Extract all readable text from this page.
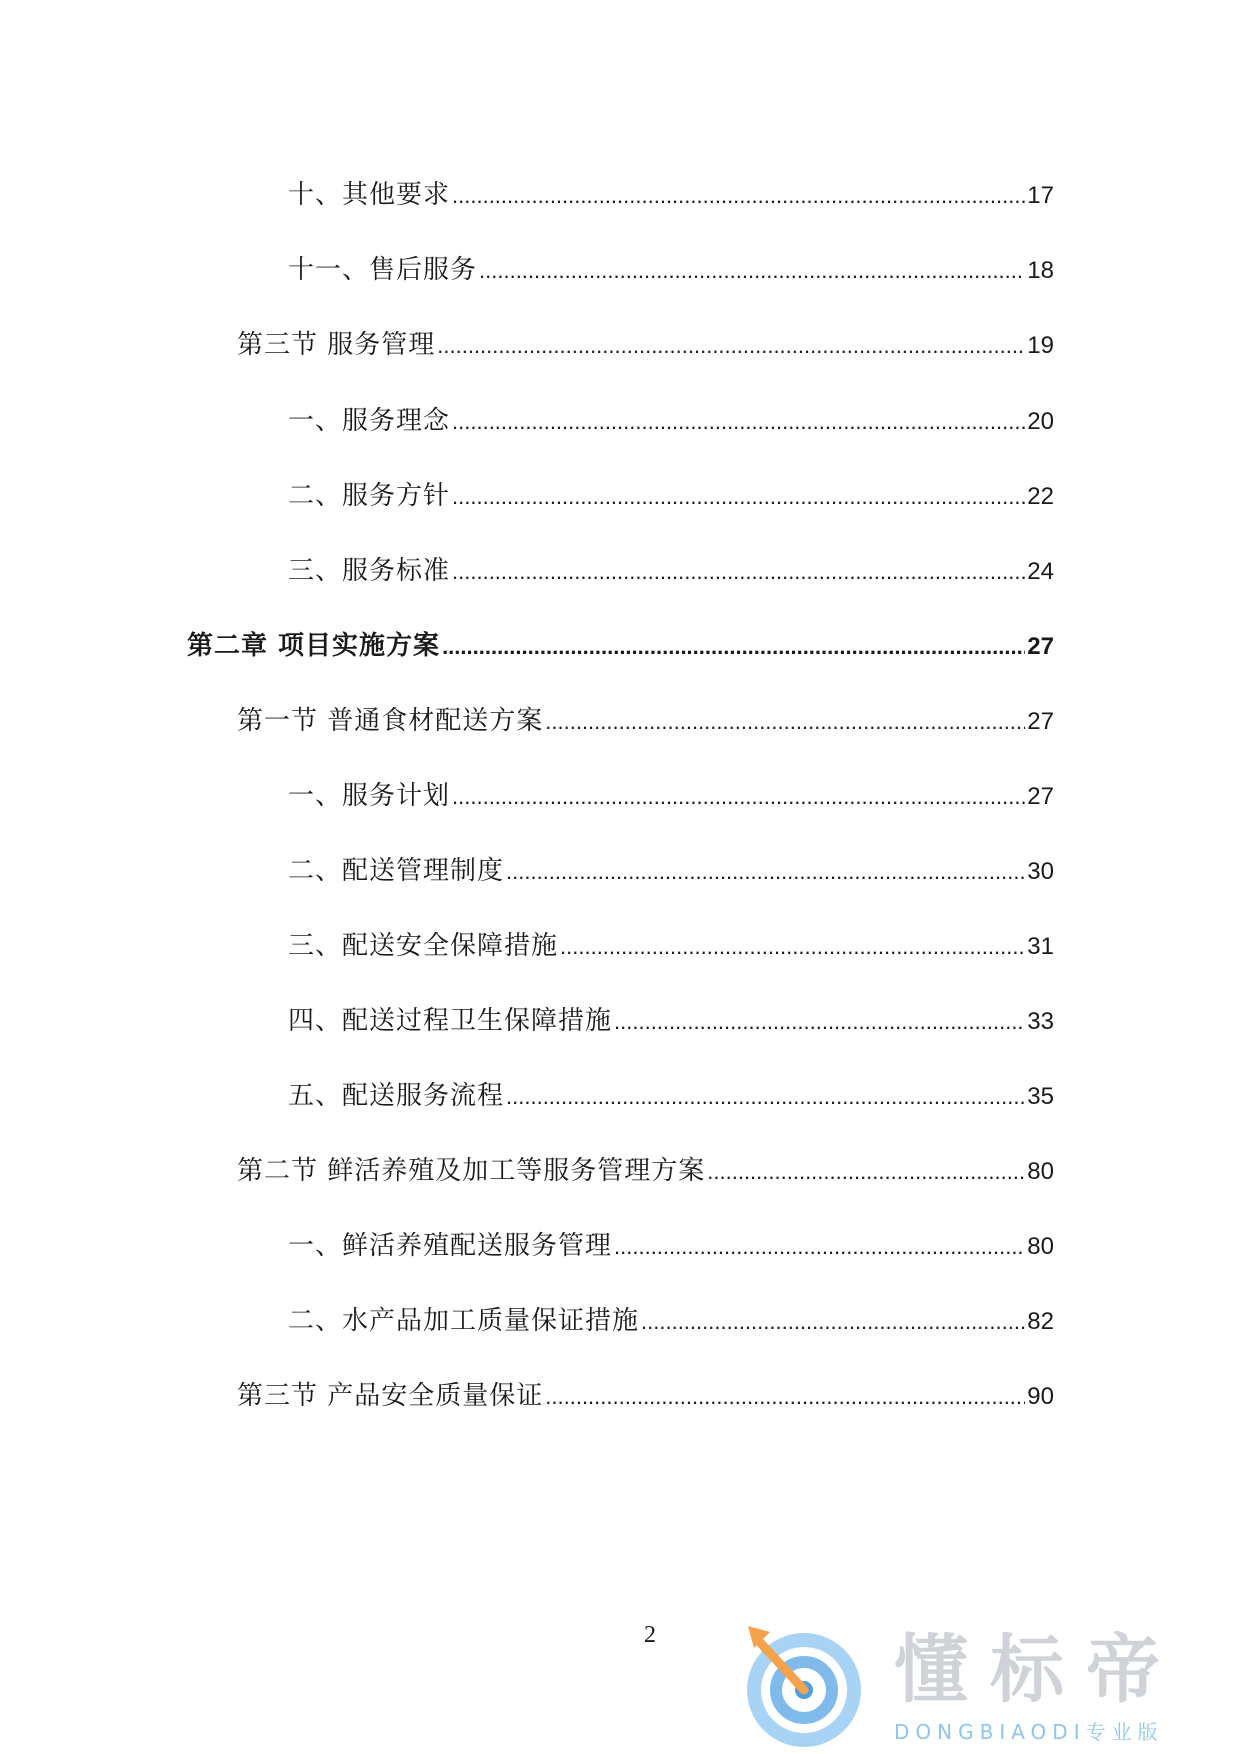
十、其他要求 .....	17
十一、售后服务 .....	18
第三节 服务管理 .....	19
一、服务理念 .....	20
二、服务方针 .....	22
三、服务标准 .....	24
第二章 项目实施方案 .....	27
第一节 普通食材配送方案 .....	27
一、服务计划 .....	27
二、配送管理制度 .....	30
三、配送安全保障措施 .....	31
四、配送过程卫生保障措施 .....	33
五、配送服务流程 .....	35
第二节 鲜活养殖及加工等服务管理方案 .....	80
一、鲜活养殖配送服务管理 .....	80
二、水产品加工质量保证措施 .....	82
第三节 产品安全质量保证 .....	90
2	懂标帝
DONGBIAODI专业版
